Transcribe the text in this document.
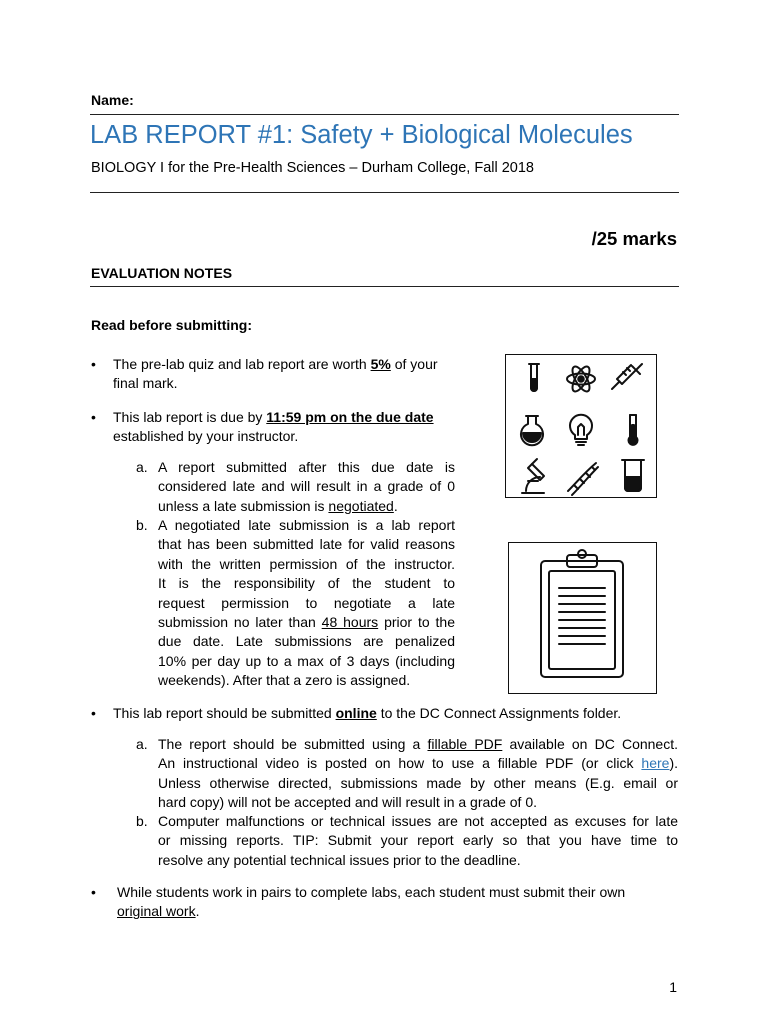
Name:
LAB REPORT #1: Safety + Biological Molecules
BIOLOGY I for the Pre-Health Sciences – Durham College, Fall 2018
/25 marks
EVALUATION NOTES
Read before submitting:
• The pre-lab quiz and lab report are worth 5% of your
final mark.
• This lab report is due by 11:59 pm on the due date
established by your instructor.
a. A report submitted after this due date is
considered late and will result in a grade of 0
unless a late submission is negotiated.
b. A negotiated late submission is a lab report
that has been submitted late for valid reasons
with the written permission of the instructor.
It is the responsibility of the student to
request permission to negotiate a late
submission no later than 48 hours prior to the
due date. Late submissions are penalized
10% per day up to a max of 3 days (including
weekends). After that a zero is assigned.
• This lab report should be submitted online to the DC Connect Assignments folder.
a. The report should be submitted using a fillable PDF available on DC Connect.
An instructional video is posted on how to use a fillable PDF (or click here).
Unless otherwise directed, submissions made by other means (E.g. email or
hard copy) will not be accepted and will result in a grade of 0.
b. Computer malfunctions or technical issues are not accepted as excuses for late
or missing reports. TIP: Submit your report early so that you have time to
resolve any potential technical issues prior to the deadline.
• While students work in pairs to complete labs, each student must submit their own
original work.
1
